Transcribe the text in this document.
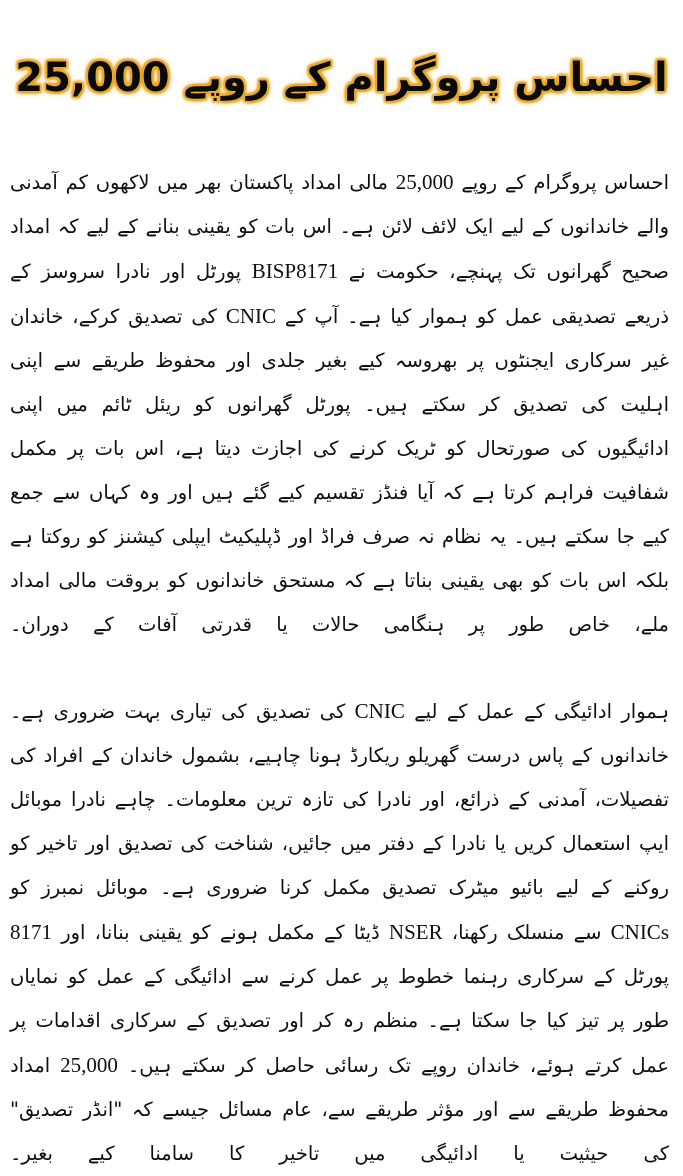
احساس پروگرام کے روپے 25,000

احساس پروگرام کے روپے 25,000 مالی امداد پاکستان بھر میں لاکھوں کم آمدنی والے خاندانوں کے لیے ایک لائف لائن ہے۔ اس بات کو یقینی بنانے کے لیے کہ امداد صحیح گھرانوں تک پہنچے، حکومت نے BISP8171 پورٹل اور نادرا سروسز کے ذریعے تصدیقی عمل کو ہموار کیا ہے۔ آپ کے CNIC کی تصدیق کرکے، خاندان غیر سرکاری ایجنٹوں پر بھروسہ کیے بغیر جلدی اور محفوظ طریقے سے اپنی اہلیت کی تصدیق کر سکتے ہیں۔ پورٹل گھرانوں کو ریئل ٹائم میں اپنی ادائیگیوں کی صورتحال کو ٹریک کرنے کی اجازت دیتا ہے، اس بات پر مکمل شفافیت فراہم کرتا ہے کہ آیا فنڈز تقسیم کیے گئے ہیں اور وہ کہاں سے جمع کیے جا سکتے ہیں۔ یہ نظام نہ صرف فراڈ اور ڈپلیکیٹ ایپلی کیشنز کو روکتا ہے بلکہ اس بات کو بھی یقینی بناتا ہے کہ مستحق خاندانوں کو بروقت مالی امداد ملے، خاص طور پر ہنگامی حالات یا قدرتی آفات کے دوران۔

ہموار ادائیگی کے عمل کے لیے CNIC کی تصدیق کی تیاری بہت ضروری ہے۔ خاندانوں کے پاس درست گھریلو ریکارڈ ہونا چاہیے، بشمول خاندان کے افراد کی تفصیلات، آمدنی کے ذرائع، اور نادرا کی تازہ ترین معلومات۔ چاہے نادرا موبائل ایپ استعمال کریں یا نادرا کے دفتر میں جائیں، شناخت کی تصدیق اور تاخیر کو روکنے کے لیے بائیو میٹرک تصدیق مکمل کرنا ضروری ہے۔ موبائل نمبرز کو CNICs سے منسلک رکھنا، NSER ڈیٹا کے مکمل ہونے کو یقینی بنانا، اور 8171 پورٹل کے سرکاری رہنما خطوط پر عمل کرنے سے ادائیگی کے عمل کو نمایاں طور پر تیز کیا جا سکتا ہے۔ منظم رہ کر اور تصدیق کے سرکاری اقدامات پر عمل کرتے ہوئے، خاندان روپے تک رسائی حاصل کر سکتے ہیں۔ 25,000 امداد محفوظ طریقے سے اور مؤثر طریقے سے، عام مسائل جیسے کہ "انڈر تصدیق" کی حیثیت یا ادائیگی میں تاخیر کا سامنا کیے بغیر۔
